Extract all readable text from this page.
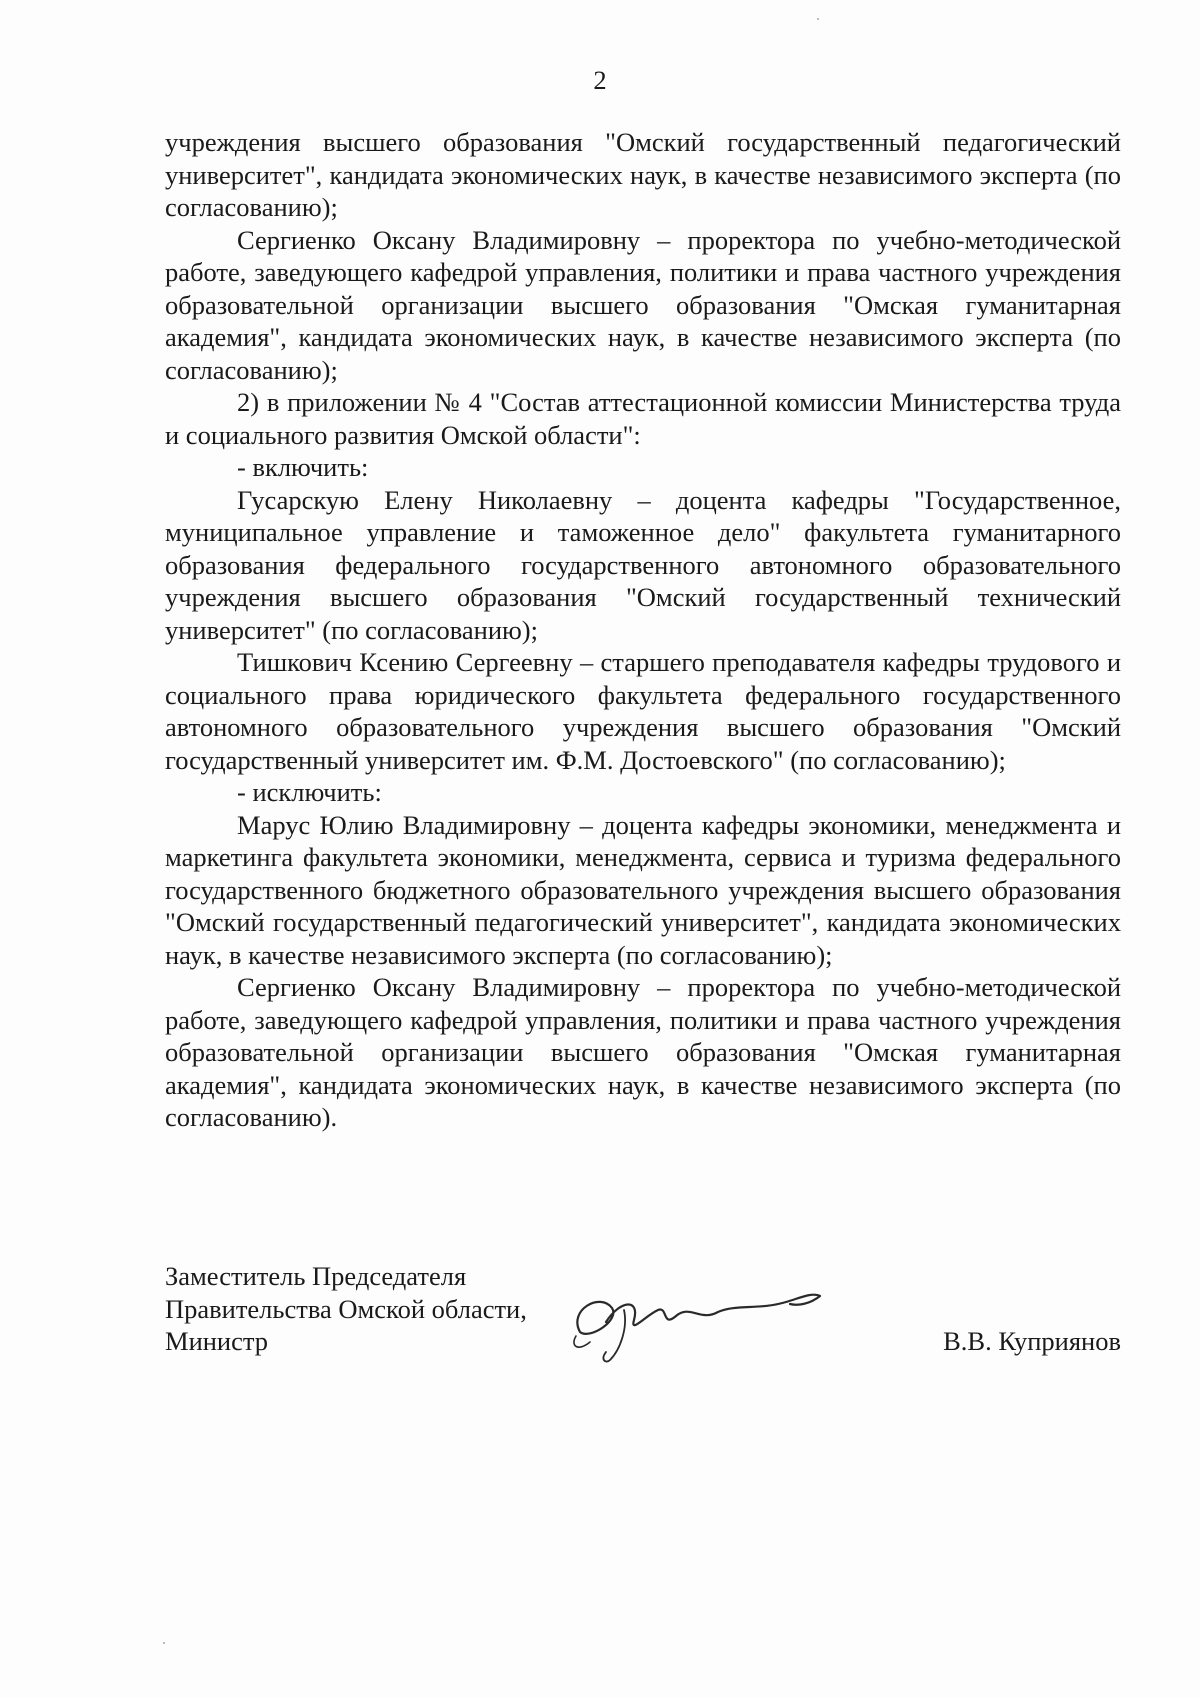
2

учреждения высшего образования "Омский государственный педагогический университет", кандидата экономических наук, в качестве независимого эксперта (по согласованию);

Сергиенко Оксану Владимировну – проректора по учебно-методической работе, заведующего кафедрой управления, политики и права частного учреждения образовательной организации высшего образования "Омская гуманитарная академия", кандидата экономических наук, в качестве независимого эксперта (по согласованию);

2) в приложении № 4 "Состав аттестационной комиссии Министерства труда и социального развития Омской области":

- включить:

Гусарскую Елену Николаевну – доцента кафедры "Государственное, муниципальное управление и таможенное дело" факультета гуманитарного образования федерального государственного автономного образовательного учреждения высшего образования "Омский государственный технический университет" (по согласованию);

Тишкович Ксению Сергеевну – старшего преподавателя кафедры трудового и социального права юридического факультета федерального государственного автономного образовательного учреждения высшего образования "Омский государственный университет им. Ф.М. Достоевского" (по согласованию);

- исключить:

Марус Юлию Владимировну – доцента кафедры экономики, менеджмента и маркетинга факультета экономики, менеджмента, сервиса и туризма федерального государственного бюджетного образовательного учреждения высшего образования "Омский государственный педагогический университет", кандидата экономических наук, в качестве независимого эксперта (по согласованию);

Сергиенко Оксану Владимировну – проректора по учебно-методической работе, заведующего кафедрой управления, политики и права частного учреждения образовательной организации высшего образования "Омская гуманитарная академия", кандидата экономических наук, в качестве независимого эксперта (по согласованию).

Заместитель Председателя
Правительства Омской области,
Министр	В.В. Куприянов
